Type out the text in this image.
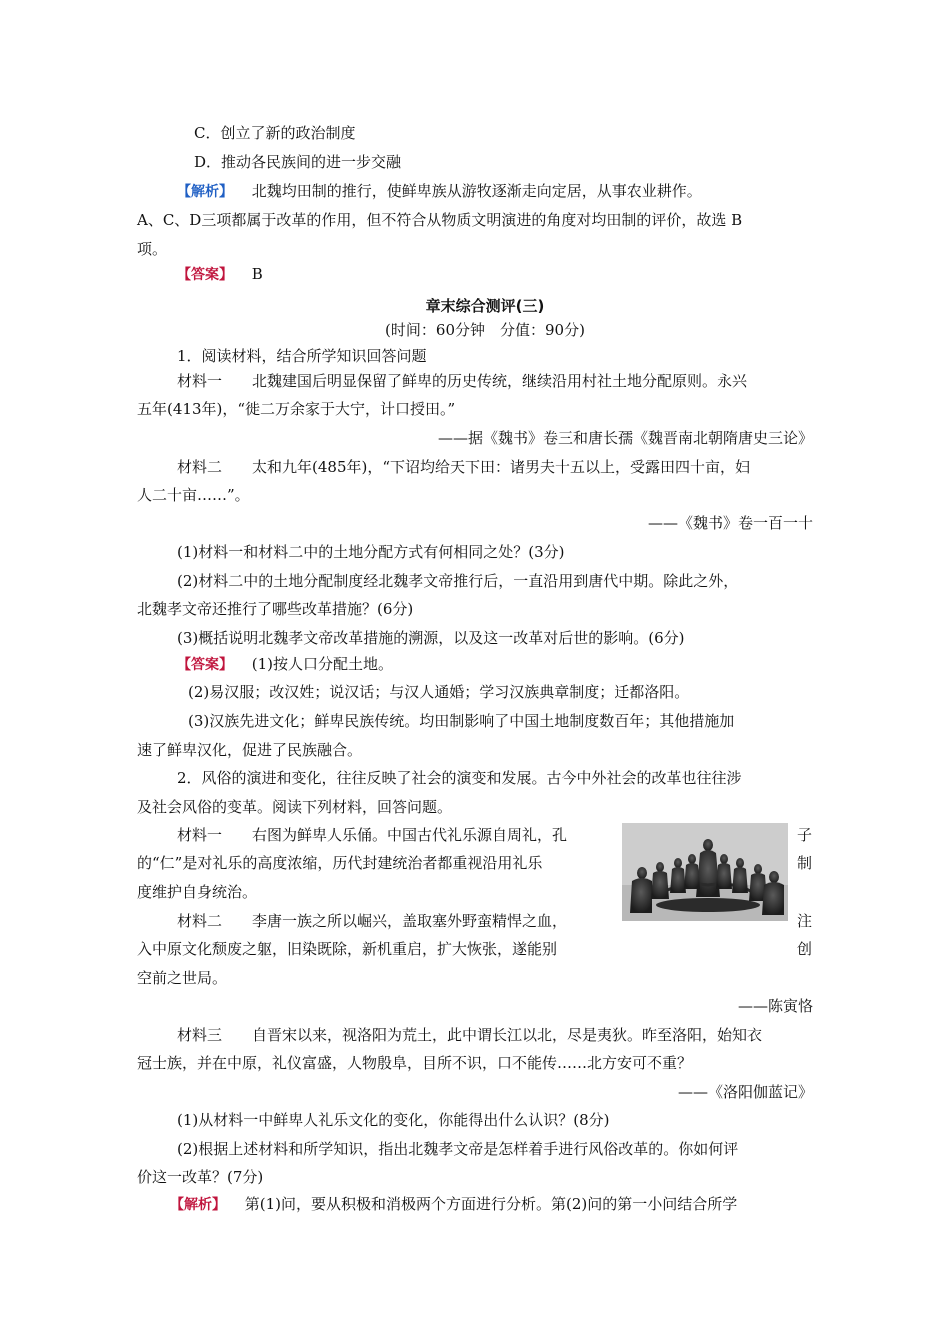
C．创立了新的政治制度
D．推动各民族间的进一步交融
【解析】 北魏均田制的推行，使鲜卑族从游牧逐渐走向定居，从事农业耕作。
A、C、D三项都属于改革的作用，但不符合从物质文明演进的角度对均田制的评价，故选 B
项。
【答案】 B
章末综合测评(三)
(时间：60分钟　分值：90分)
1．阅读材料，结合所学知识回答问题
材料一　　北魏建国后明显保留了鲜卑的历史传统，继续沿用村社土地分配原则。永兴
五年(413年)，“徙二万余家于大宁，计口授田。”
——据《魏书》卷三和唐长孺《魏晋南北朝隋唐史三论》
材料二　　太和九年(485年)，“下诏均给天下田：诸男夫十五以上，受露田四十亩，妇
人二十亩……”。
——《魏书》卷一百一十
(1)材料一和材料二中的土地分配方式有何相同之处？(3分)
(2)材料二中的土地分配制度经北魏孝文帝推行后，一直沿用到唐代中期。除此之外，
北魏孝文帝还推行了哪些改革措施？(6分)
(3)概括说明北魏孝文帝改革措施的溯源，以及这一改革对后世的影响。(6分)
【答案】 (1)按人口分配土地。
(2)易汉服；改汉姓；说汉话；与汉人通婚；学习汉族典章制度；迁都洛阳。
(3)汉族先进文化；鲜卑民族传统。均田制影响了中国土地制度数百年；其他措施加
速了鲜卑汉化，促进了民族融合。
2．风俗的演进和变化，往往反映了社会的演变和发展。古今中外社会的改革也往往涉
及社会风俗的变革。阅读下列材料，回答问题。
材料一　　右图为鲜卑人乐俑。中国古代礼乐源自周礼，孔	子
的“仁”是对礼乐的高度浓缩，历代封建统治者都重视沿用礼乐	制
度维护自身统治。
材料二　　李唐一族之所以崛兴，盖取塞外野蛮精悍之血，	注
入中原文化颓废之躯，旧染既除，新机重启，扩大恢张，遂能别	创
空前之世局。
——陈寅恪
材料三　　自晋宋以来，视洛阳为荒土，此中谓长江以北，尽是夷狄。昨至洛阳，始知衣
冠士族，并在中原，礼仪富盛，人物殷阜，目所不识，口不能传……北方安可不重？
——《洛阳伽蓝记》
(1)从材料一中鲜卑人礼乐文化的变化，你能得出什么认识？(8分)
(2)根据上述材料和所学知识，指出北魏孝文帝是怎样着手进行风俗改革的。你如何评
价这一改革？(7分)
【解析】 第(1)问，要从积极和消极两个方面进行分析。第(2)问的第一小问结合所学
